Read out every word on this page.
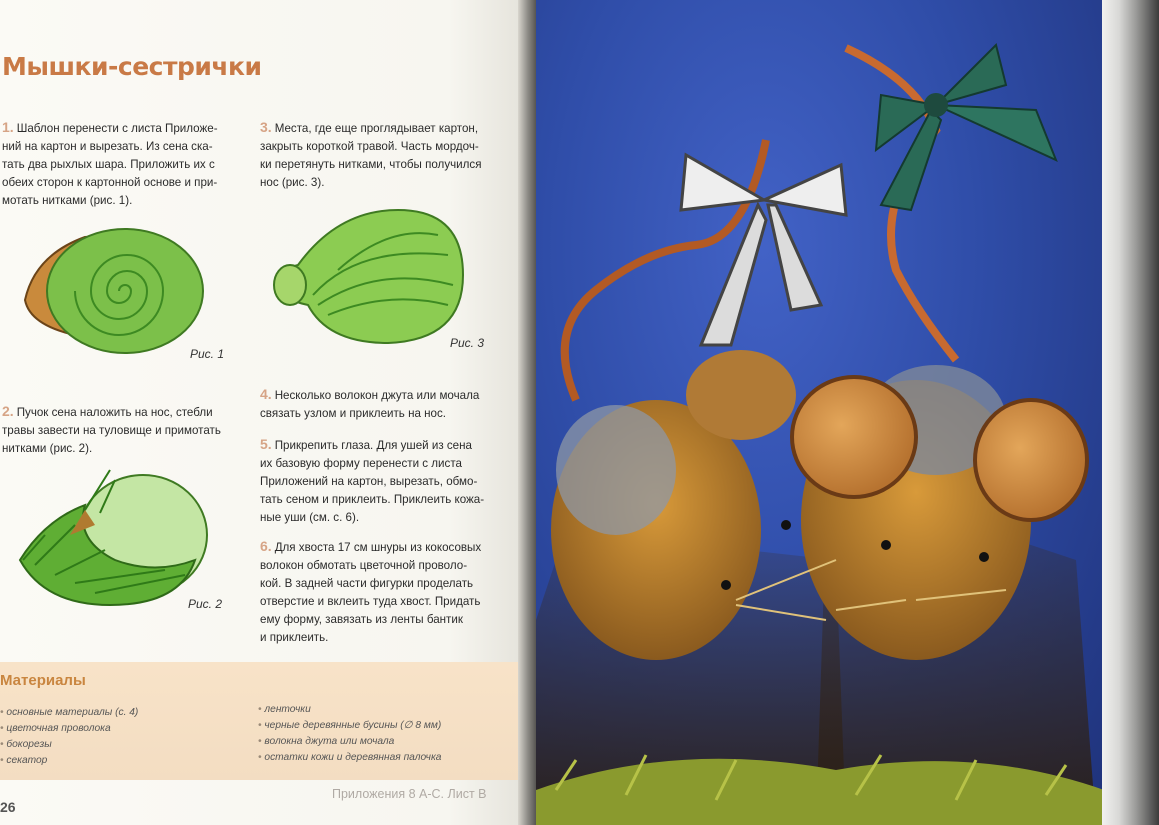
Мышки-сестрички
1. Шаблон перенести с листа Приложе-
ний на картон и вырезать. Из сена ска-
тать два рыхлых шара. Приложить их с
обеих сторон к картонной основе и при-
мотать нитками (рис. 1).
3. Места, где еще проглядывает картон,
закрыть короткой травой. Часть мордоч-
ки перетянуть нитками, чтобы получился
нос (рис. 3).
Рис. 1
Рис. 3
2. Пучок сена наложить на нос, стебли
травы завести на туловище и примотать
нитками (рис. 2).
4. Несколько волокон джута или мочала
связать узлом и приклеить на нос.
5. Прикрепить глаза. Для ушей из сена
их базовую форму перенести с листа
Приложений на картон, вырезать, обмо-
тать сеном и приклеить. Приклеить кожа-
ные уши (см. с. 6).
6. Для хвоста 17 см шнуры из кокосовых
волокон обмотать цветочной проволо-
кой. В задней части фигурки проделать
отверстие и вклеить туда хвост. Придать
ему форму, завязать из ленты бантик
и приклеить.
Рис. 2
Материалы
• основные материалы (с. 4)
• цветочная проволока
• бокорезы
• секатор
• ленточки
• черные деревянные бусины (∅ 8 мм)
• волокна джута или мочала
• остатки кожи и деревянная палочка
26
Приложения 8 А-С. Лист В
